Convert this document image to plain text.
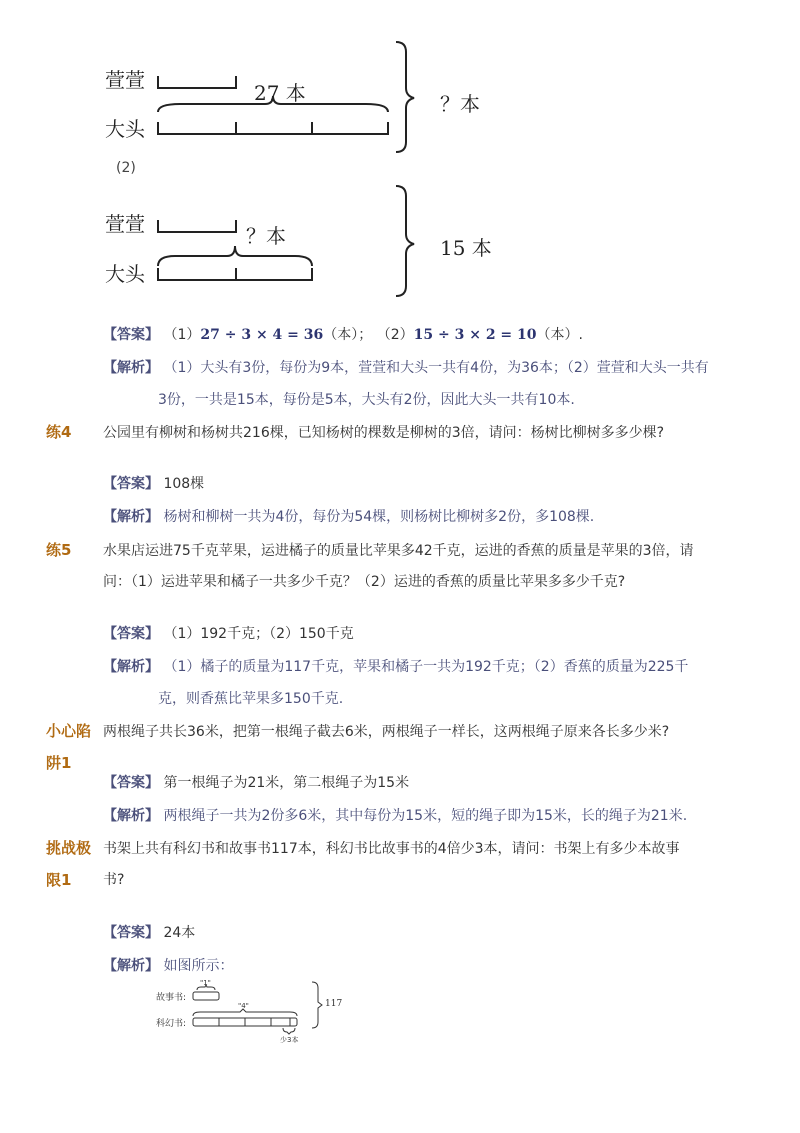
萱萱
大头
27 本	？本
(2)
萱萱
大头
？本	15 本
【答案】 （1）27 ÷ 3 × 4 = 36（本）； （2）15 ÷ 3 × 2 = 10（本）.
【解析】 （1）大头有3份，每份为9本，萱萱和大头一共有4份，为36本；（2）萱萱和大头一共有
3份，一共是15本，每份是5本，大头有2份，因此大头一共有10本.
练4 公园里有柳树和杨树共216棵，已知杨树的棵数是柳树的3倍，请问：杨树比柳树多多少棵?
【答案】 108棵
【解析】 杨树和柳树一共为4份，每份为54棵，则杨树比柳树多2份，多108棵.
练5 水果店运进75千克苹果，运进橘子的质量比苹果多42千克，运进的香蕉的质量是苹果的3倍，请
问：（1）运进苹果和橘子一共多少千克？（2）运进的香蕉的质量比苹果多多少千克?
【答案】 （1）192千克；（2）150千克
【解析】 （1）橘子的质量为117千克，苹果和橘子一共为192千克；（2）香蕉的质量为225千
克，则香蕉比苹果多150千克.
小心陷
阱1
两根绳子共长36米，把第一根绳子截去6米，两根绳子一样长，这两根绳子原来各长多少米?
【答案】 第一根绳子为21米，第二根绳子为15米
【解析】 两根绳子一共为2份多6米，其中每份为15米，短的绳子即为15米，长的绳子为21米.
挑战极
限1
书架上共有科幻书和故事书117本，科幻书比故事书的4倍少3本，请问：书架上有多少本故事
书?
【答案】 24本
【解析】 如图所示：
故事书:
科幻书:
"1"
"4"	117
少3本
